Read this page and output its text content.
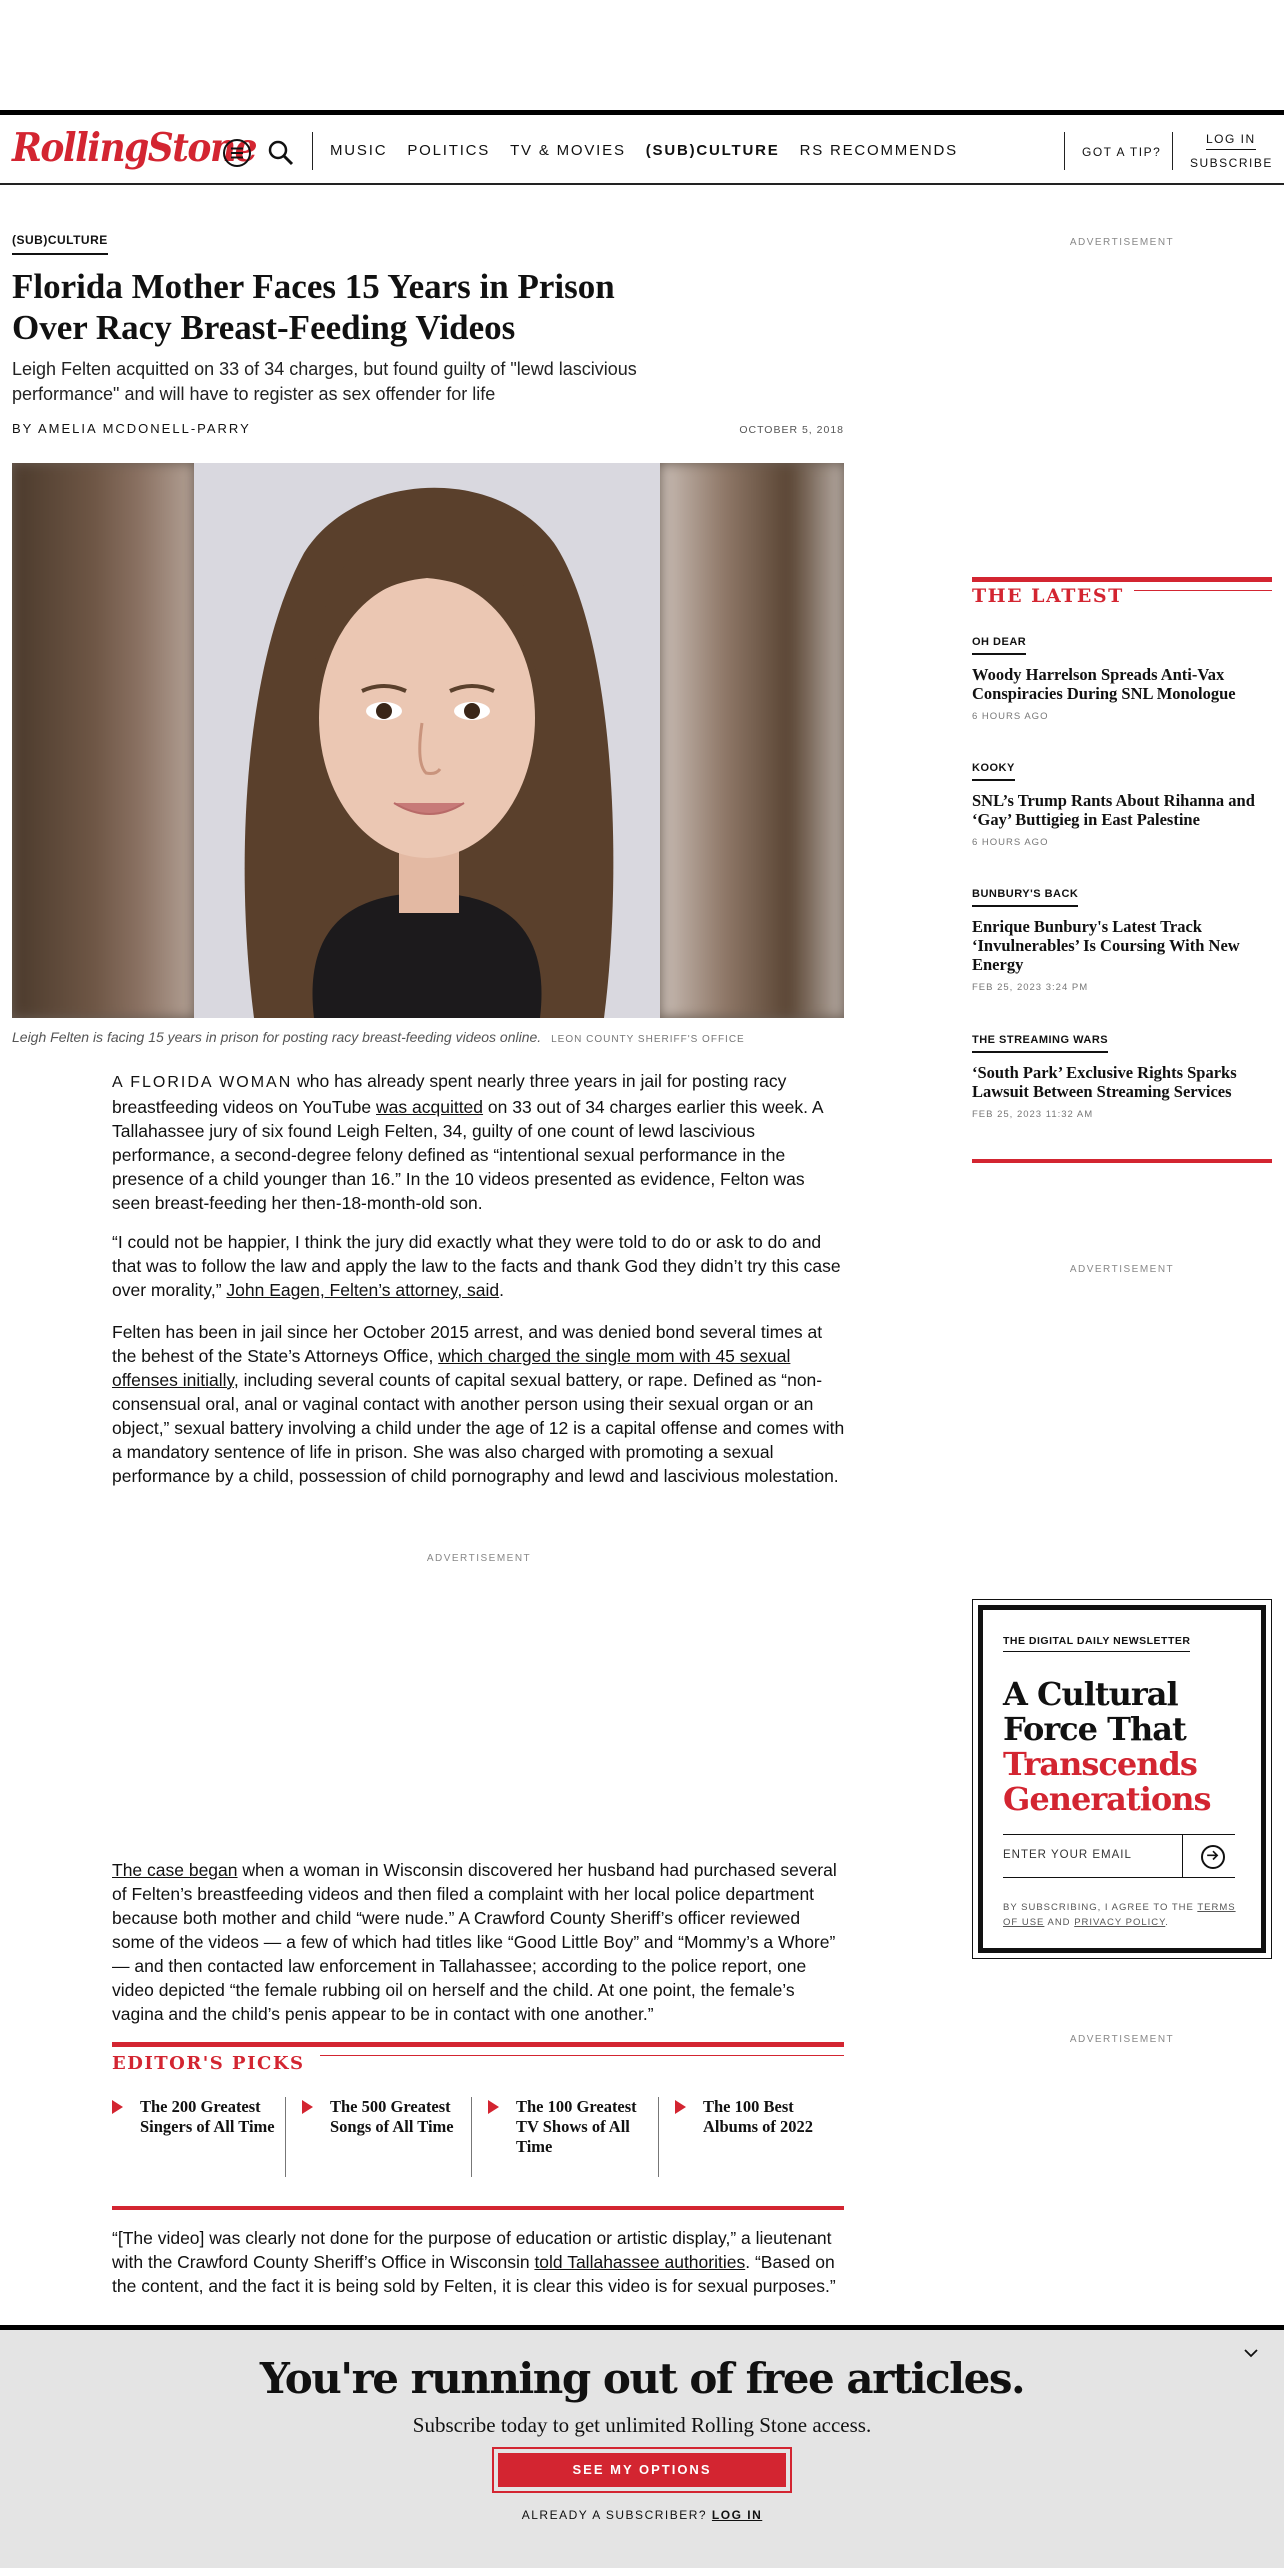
RollingStone	MUSIC POLITICS TV & MOVIES (SUB)CULTURE RS RECOMMENDS	GOT A TIP?
LOG IN
SUBSCRIBE
(SUB)CULTURE
Florida Mother Faces 15 Years in Prison Over Racy Breast-Feeding Videos
Leigh Felten acquitted on 33 of 34 charges, but found guilty of "lewd lascivious performance" and will have to register as sex offender for life
BY AMELIA MCDONELL-PARRY	OCTOBER 5, 2018
Leigh Felten is facing 15 years in prison for posting racy breast-feeding videos online. LEON COUNTY SHERIFF'S OFFICE

A FLORIDA WOMAN who has already spent nearly three years in jail for posting racy breastfeeding videos on YouTube was acquitted on 33 out of 34 charges earlier this week. A Tallahassee jury of six found Leigh Felten, 34, guilty of one count of lewd lascivious performance, a second-degree felony defined as “intentional sexual performance in the presence of a child younger than 16.” In the 10 videos presented as evidence, Felton was seen breast-feeding her then-18-month-old son.

“I could not be happier, I think the jury did exactly what they were told to do or ask to do and that was to follow the law and apply the law to the facts and thank God they didn’t try this case over morality,” John Eagen, Felten’s attorney, said.

Felten has been in jail since her October 2015 arrest, and was denied bond several times at the behest of the State’s Attorneys Office, which charged the single mom with 45 sexual offenses initially, including several counts of capital sexual battery, or rape. Defined as “non-consensual oral, anal or vaginal contact with another person using their sexual organ or an object,” sexual battery involving a child under the age of 12 is a capital offense and comes with a mandatory sentence of life in prison. She was also charged with promoting a sexual performance by a child, possession of child pornography and lewd and lascivious molestation.

ADVERTISEMENT

The case began when a woman in Wisconsin discovered her husband had purchased several of Felten’s breastfeeding videos and then filed a complaint with her local police department because both mother and child “were nude.” A Crawford County Sheriff’s officer reviewed some of the videos — a few of which had titles like “Good Little Boy” and “Mommy’s a Whore” — and then contacted law enforcement in Tallahassee; according to the police report, one video depicted “the female rubbing oil on herself and the child. At one point, the female’s vagina and the child’s penis appear to be in contact with one another.”

EDITOR'S PICKS
The 200 Greatest Singers of All Time
The 500 Greatest Songs of All Time
The 100 Greatest TV Shows of All Time
The 100 Best Albums of 2022

“[The video] was clearly not done for the purpose of education or artistic display,” a lieutenant with the Crawford County Sheriff’s Office in Wisconsin told Tallahassee authorities. “Based on the content, and the fact it is being sold by Felten, it is clear this video is for sexual purposes.”

ADVERTISEMENT
THE LATEST
OH DEAR
Woody Harrelson Spreads Anti-Vax Conspiracies During SNL Monologue
6 HOURS AGO
KOOKY
SNL’s Trump Rants About Rihanna and ‘Gay’ Buttigieg in East Palestine
6 HOURS AGO
BUNBURY'S BACK
Enrique Bunbury's Latest Track ‘Invulnerables’ Is Coursing With New Energy
FEB 25, 2023 3:24 PM
THE STREAMING WARS
‘South Park’ Exclusive Rights Sparks Lawsuit Between Streaming Services
FEB 25, 2023 11:32 AM
ADVERTISEMENT
THE DIGITAL DAILY NEWSLETTER
A Cultural Force That Transcends Generations
ENTER YOUR EMAIL
BY SUBSCRIBING, I AGREE TO THE TERMS OF USE AND PRIVACY POLICY.
ADVERTISEMENT
You're running out of free articles.
Subscribe today to get unlimited Rolling Stone access.
SEE MY OPTIONS
ALREADY A SUBSCRIBER? LOG IN
